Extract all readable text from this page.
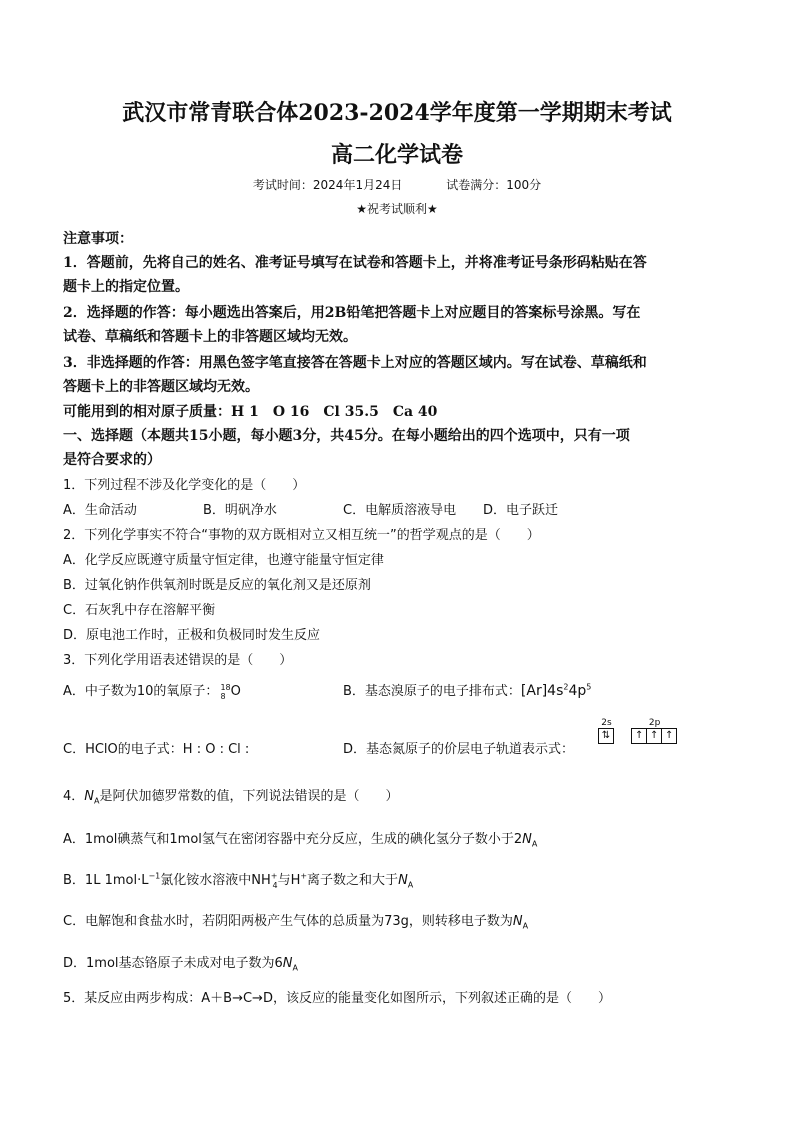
武汉市常青联合体2023-2024学年度第一学期期末考试
高二化学试卷
考试时间：2024年1月24日	试卷满分：100分
★祝考试顺利★
注意事项：
1．答题前，先将自己的姓名、准考证号填写在试卷和答题卡上，并将准考证号条形码粘贴在答
题卡上的指定位置。
2．选择题的作答：每小题选出答案后，用2B铅笔把答题卡上对应题目的答案标号涂黑。写在
试卷、草稿纸和答题卡上的非答题区域均无效。
3．非选择题的作答：用黑色签字笔直接答在答题卡上对应的答题区域内。写在试卷、草稿纸和
答题卡上的非答题区域均无效。
可能用到的相对原子质量：H 1　O 16　Cl 35.5　Ca 40
一、选择题（本题共15小题，每小题3分，共45分。在每小题给出的四个选项中，只有一项
是符合要求的）
1．下列过程不涉及化学变化的是（　　）
A．生命活动	B．明矾净水	C．电解质溶液导电 D．电子跃迁
2．下列化学事实不符合“事物的双方既相对立又相互统一”的哲学观点的是（　　）
A．化学反应既遵守质量守恒定律，也遵守能量守恒定律
B．过氧化钠作供氧剂时既是反应的氧化剂又是还原剂
C．石灰乳中存在溶解平衡
D．原电池工作时，正极和负极同时发生反应
3．下列化学用语表述错误的是（　　）
A．中子数为10的氧原子： 18
8 O	B．基态溴原子的电子排布式：$[Ar]4s^24p^5$
C．HClO的电子式：H : O : Cl :	D．基态氮原子的价层电子轨道表示式：
2s
⇅

2p
↑ ↑ ↑
4．$N_A$是阿伏加德罗常数的值，下列说法错误的是（　　）
A．1mol碘蒸气和1mol氢气在密闭容器中充分反应，生成的碘化氢分子数小于$2N_A$
B．1L $1mol\cdot L^{-1}$氯化铵水溶液中$NH^+_4$与H+离子数之和大于$N_A$
C．电解饱和食盐水时，若阴阳两极产生气体的总质量为73g，则转移电子数为$N_A$
D．1mol基态铬原子未成对电子数为$6N_A$
5．某反应由两步构成：A＋B→C→D，该反应的能量变化如图所示，下列叙述正确的是（　　）
